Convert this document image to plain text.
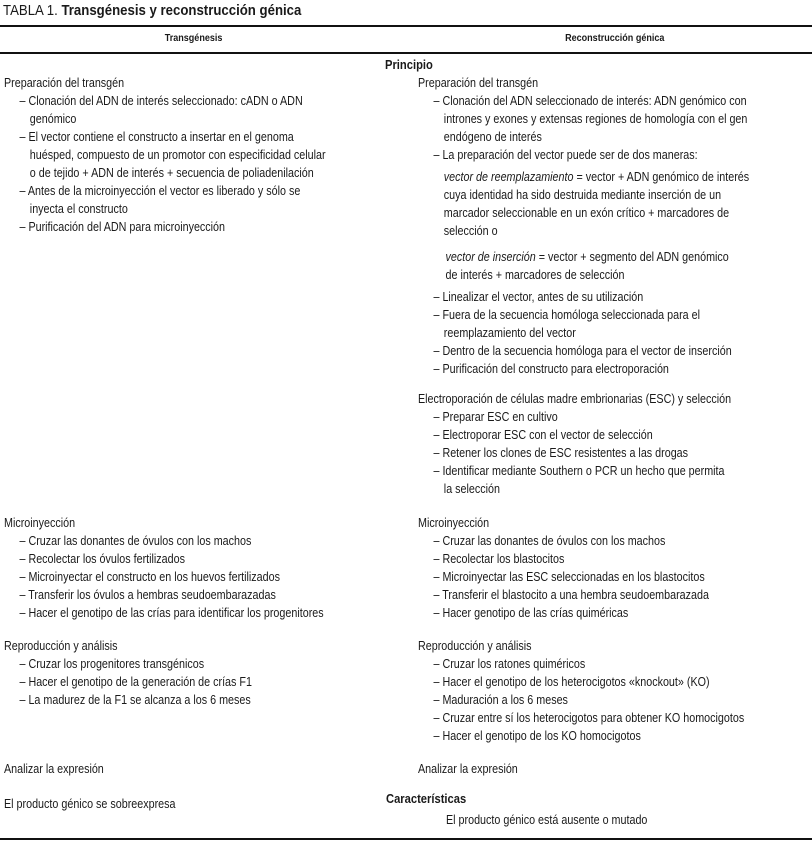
TABLA 1. Transgénesis y reconstrucción génica
Transgénesis	Reconstrucción génica
Principio
Preparación del transgén
– Clonación del ADN de interés seleccionado: cADN o ADN
genómico
– El vector contiene el constructo a insertar en el genoma
huésped, compuesto de un promotor con especificidad celular
o de tejido + ADN de interés + secuencia de poliadenilación
– Antes de la microinyección el vector es liberado y sólo se
inyecta el constructo
– Purificación del ADN para microinyección
Microinyección
– Cruzar las donantes de óvulos con los machos
– Recolectar los óvulos fertilizados
– Microinyectar el constructo en los huevos fertilizados
– Transferir los óvulos a hembras seudoembarazadas
– Hacer el genotipo de las crías para identificar los progenitores
Reproducción y análisis
– Cruzar los progenitores transgénicos
– Hacer el genotipo de la generación de crías F1
– La madurez de la F1 se alcanza a los 6 meses
Analizar la expresión
El producto génico se sobreexpresa
Preparación del transgén
– Clonación del ADN seleccionado de interés: ADN genómico con
intrones y exones y extensas regiones de homología con el gen
endógeno de interés
– La preparación del vector puede ser de dos maneras:
vector de reemplazamiento = vector + ADN genómico de interés
cuya identidad ha sido destruida mediante inserción de un
marcador seleccionable en un exón crítico + marcadores de
selección o
vector de inserción = vector + segmento del ADN genómico
de interés + marcadores de selección
– Linealizar el vector, antes de su utilización
– Fuera de la secuencia homóloga seleccionada para el
reemplazamiento del vector
– Dentro de la secuencia homóloga para el vector de inserción
– Purificación del constructo para electroporación
Electroporación de células madre embrionarias (ESC) y selección
– Preparar ESC en cultivo
– Electroporar ESC con el vector de selección
– Retener los clones de ESC resistentes a las drogas
– Identificar mediante Southern o PCR un hecho que permita
la selección
Microinyección
– Cruzar las donantes de óvulos con los machos
– Recolectar los blastocitos
– Microinyectar las ESC seleccionadas en los blastocitos
– Transferir el blastocito a una hembra seudoembarazada
– Hacer genotipo de las crías quiméricas
Reproducción y análisis
– Cruzar los ratones quiméricos
– Hacer el genotipo de los heterocigotos «knockout» (KO)
– Maduración a los 6 meses
– Cruzar entre sí los heterocigotos para obtener KO homocigotos
– Hacer el genotipo de los KO homocigotos
Analizar la expresión
Características
El producto génico está ausente o mutado
